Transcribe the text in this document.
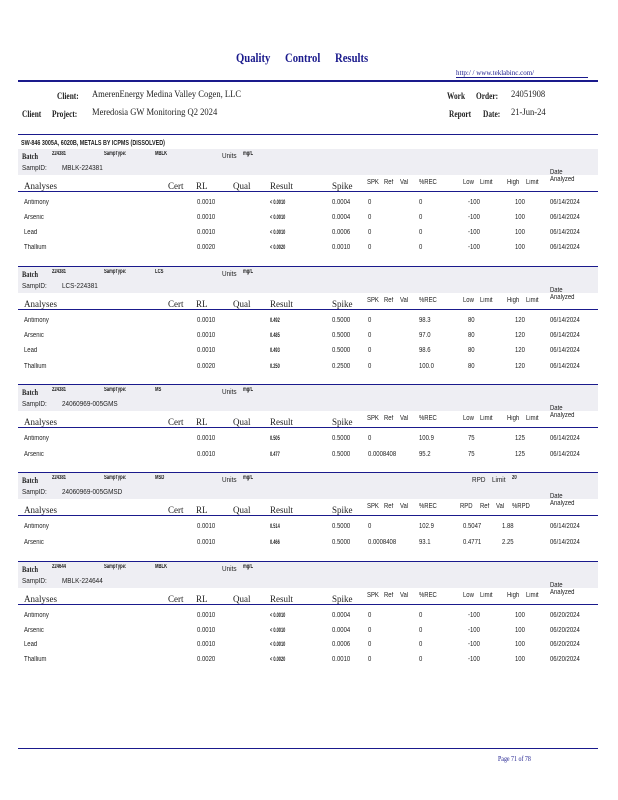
Quality Control Results
http:/ / www.teklabinc.com/
Client: AmerenEnergy Medina Valley Cogen, LLC
Client Project: Meredosia GW Monitoring Q2 2024
Work Order: 24051908
Report Date: 21-Jun-24
SW-846 3005A, 6020B, METALS BY ICPMS (DISSOLVED)
Batch 224381	SampType:	MBLK	Units mg/L
SampID: MBLK-224381
Analyses	Cert RL	Qual Result	Spike SPK Ref Val %REC	Low Limit High Limit
Date
Analyzed
Antimony	0.0010	< 0.0010	0.0004	0	0	-100	100	06/14/2024
Arsenic	0.0010	< 0.0010	0.0004	0	0	-100	100	06/14/2024
Lead	0.0010	< 0.0010	0.0006	0	0	-100	100	06/14/2024
Thallium	0.0020	< 0.0020	0.0010	0	0	-100	100	06/14/2024
Batch 224381	SampType:	LCS	Units mg/L
SampID: LCS-224381
Analyses	Cert RL	Qual Result	Spike SPK Ref Val %REC	Low Limit High Limit
Date
Analyzed
Antimony	0.0010	0.492	0.5000	0	98.3	80	120	06/14/2024
Arsenic	0.0010	0.485	0.5000	0	97.0	80	120	06/14/2024
Lead	0.0010	0.493	0.5000	0	98.6	80	120	06/14/2024
Thallium	0.0020	0.250	0.2500	0	100.0	80	120	06/14/2024
Batch 224381	SampType:	MS	Units mg/L
SampID: 24060969-005GMS
Analyses	Cert RL	Qual Result	Spike SPK Ref Val %REC	Low Limit High Limit
Date
Analyzed
Antimony	0.0010	0.505	0.5000	0	100.9	75	125	06/14/2024
Arsenic	0.0010	0.477	0.5000	0.0008408	95.2	75	125	06/14/2024
Batch 224381	SampType:	MSD	Units mg/L	RPD Limit 20
SampID: 24060969-005GMSD
Analyses	Cert RL	Qual Result	Spike SPK Ref Val %REC	RPD Ref Val %RPD
Date
Analyzed
Antimony	0.0010	0.514	0.5000	0	102.9	0.5047	1.88	06/14/2024
Arsenic	0.0010	0.466	0.5000	0.0008408	93.1	0.4771	2.25	06/14/2024
Batch 224644	SampType:	MBLK	Units mg/L
SampID: MBLK-224644
Analyses	Cert RL	Qual Result	Spike SPK Ref Val %REC	Low Limit High Limit
Date
Analyzed
Antimony	0.0010	< 0.0010	0.0004	0	0	-100	100	06/20/2024
Arsenic	0.0010	< 0.0010	0.0004	0	0	-100	100	06/20/2024
Lead	0.0010	< 0.0010	0.0006	0	0	-100	100	06/20/2024
Thallium	0.0020	< 0.0020	0.0010	0	0	-100	100	06/20/2024
Page 71 of 78
